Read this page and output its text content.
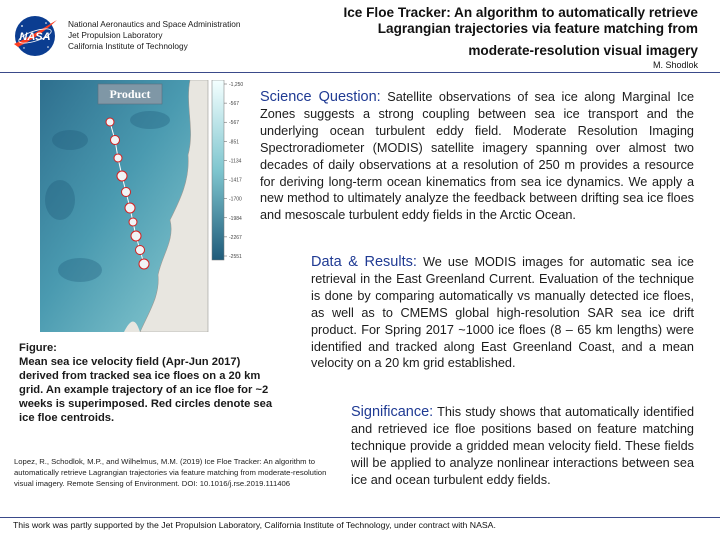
NASA
National Aeronautics and Space Administration
Jet Propulsion Laboratory
California Institute of Technology
Ice Floe Tracker: An algorithm to automatically retrieve
Lagrangian trajectories via feature matching from
moderate-resolution visual imagery
M. Shodlok
Product
-1,250
-567
-567
-851
-1134
-1417
-1700
-1984
-2267
-2551
Science Question: Satellite observations of sea ice along Marginal Ice Zones suggests a strong coupling between sea ice transport and the underlying ocean turbulent eddy field. Moderate Resolution Imaging Spectroradiometer (MODIS) satellite imagery spanning over almost two decades of daily observations at a resolution of 250 m provides a resource for deriving long-term ocean kinematics from sea ice dynamics. We apply a new method to ultimately analyze the feedback between drifting sea ice floes and mesoscale turbulent eddy fields in the Arctic Ocean.
Data & Results: We use MODIS images for automatic sea ice retrieval in the East Greenland Current. Evaluation of the technique is done by comparing automatically vs manually detected ice floes, as well as to CMEMS global high-resolution SAR sea ice drift product. For Spring 2017 ~1000 ice floes (8 – 65 km lengths) were identified and tracked along East Greenland Coast, and a mean velocity on a 20 km grid established.
Significance: This study shows that automatically identified and retrieved ice floe positions based on feature matching technique provide a gridded mean velocity field. These fields will be applied to analyze nonlinear interactions between sea ice and ocean turbulent eddy fields.
Figure:
Mean sea ice velocity field (Apr-Jun 2017) derived from tracked sea ice floes on a 20 km grid. An example trajectory of an ice floe for ~2 weeks is superimposed. Red circles denote sea ice floe centroids.
Lopez, R., Schodlok, M.P., and Wilhelmus, M.M. (2019) Ice Floe Tracker: An algorithm to automatically retrieve Lagrangian trajectories via feature matching from moderate-resolution visual imagery. Remote Sensing of Environment. DOI: 10.1016/j.rse.2019.111406
This work was partly supported by the Jet Propulsion Laboratory, California Institute of Technology, under contract with NASA.
